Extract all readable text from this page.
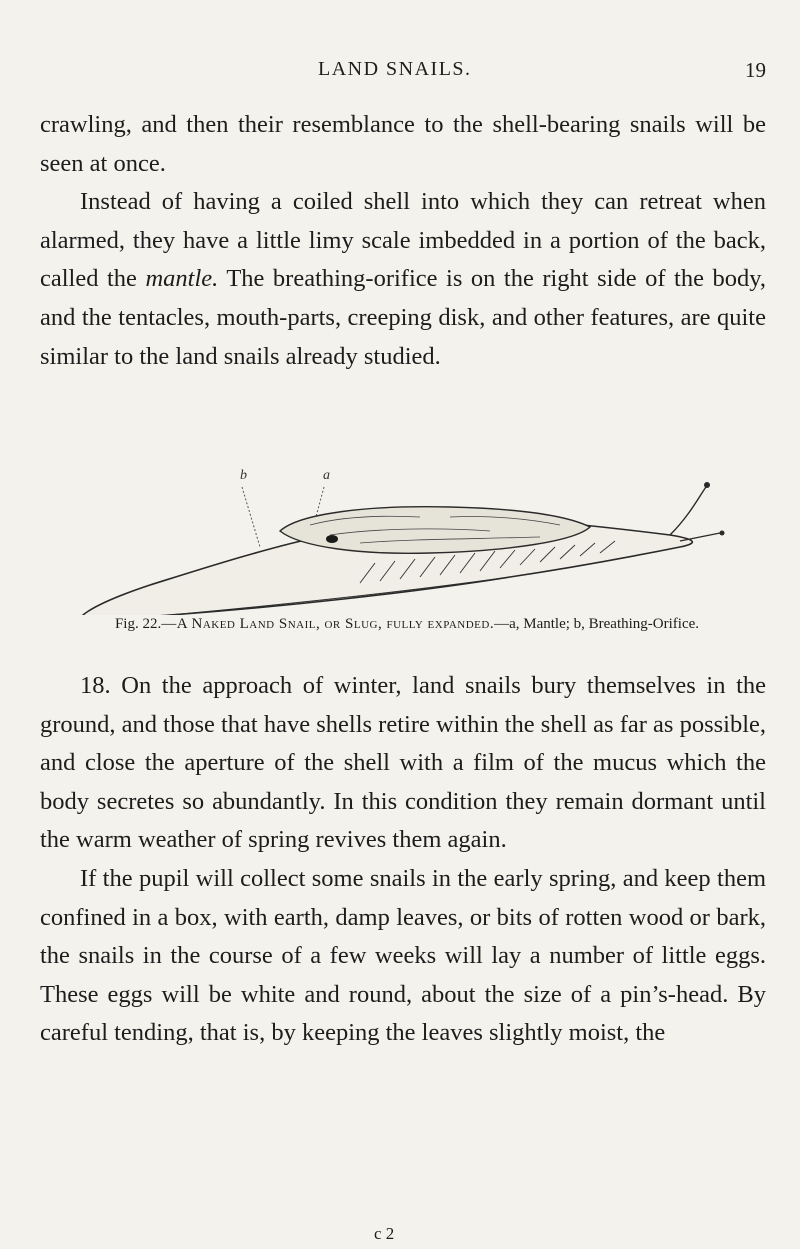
LAND SNAILS.	19

crawling, and then their resemblance to the shell-bearing snails will be seen at once.

Instead of having a coiled shell into which they can retreat when alarmed, they have a little limy scale imbedded in a portion of the back, called the mantle. The breathing-orifice is on the right side of the body, and the tentacles, mouth-parts, creeping disk, and other features, are quite similar to the land snails already studied.

b	a
Fig. 22.—A Naked Land Snail, or Slug, fully expanded.—a, Mantle; b, Breathing-Orifice.

18. On the approach of winter, land snails bury themselves in the ground, and those that have shells retire within the shell as far as possible, and close the aperture of the shell with a film of the mucus which the body secretes so abundantly. In this condition they remain dormant until the warm weather of spring revives them again.

If the pupil will collect some snails in the early spring, and keep them confined in a box, with earth, damp leaves, or bits of rotten wood or bark, the snails in the course of a few weeks will lay a number of little eggs. These eggs will be white and round, about the size of a pin’s-head. By careful tending, that is, by keeping the leaves slightly moist, the

c 2
